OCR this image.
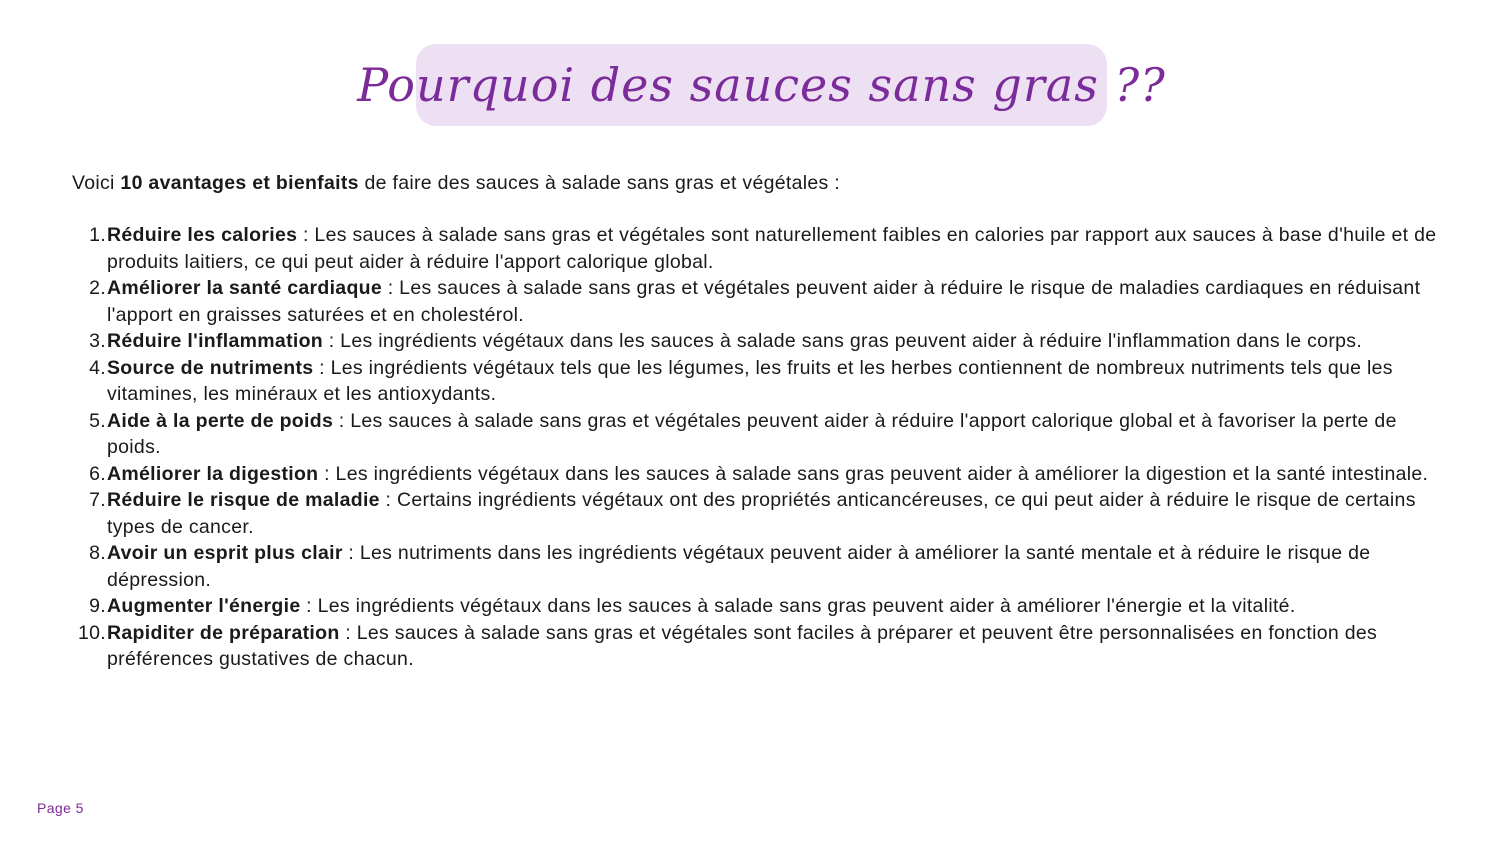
Pourquoi des sauces sans gras ??

Voici 10 avantages et bienfaits de faire des sauces à salade sans gras et végétales :

1. Réduire les calories : Les sauces à salade sans gras et végétales sont naturellement faibles en calories par rapport aux sauces à base d'huile et de produits laitiers, ce qui peut aider à réduire l'apport calorique global.
2. Améliorer la santé cardiaque : Les sauces à salade sans gras et végétales peuvent aider à réduire le risque de maladies cardiaques en réduisant l'apport en graisses saturées et en cholestérol.
3. Réduire l'inflammation : Les ingrédients végétaux dans les sauces à salade sans gras peuvent aider à réduire l'inflammation dans le corps.
4. Source de nutriments : Les ingrédients végétaux tels que les légumes, les fruits et les herbes contiennent de nombreux nutriments tels que les vitamines, les minéraux et les antioxydants.
5. Aide à la perte de poids : Les sauces à salade sans gras et végétales peuvent aider à réduire l'apport calorique global et à favoriser la perte de poids.
6. Améliorer la digestion : Les ingrédients végétaux dans les sauces à salade sans gras peuvent aider à améliorer la digestion et la santé intestinale.
7. Réduire le risque de maladie : Certains ingrédients végétaux ont des propriétés anticancéreuses, ce qui peut aider à réduire le risque de certains types de cancer.
8. Avoir un esprit plus clair : Les nutriments dans les ingrédients végétaux peuvent aider à améliorer la santé mentale et à réduire le risque de dépression.
9. Augmenter l'énergie : Les ingrédients végétaux dans les sauces à salade sans gras peuvent aider à améliorer l'énergie et la vitalité.
10. Rapiditer de préparation : Les sauces à salade sans gras et végétales sont faciles à préparer et peuvent être personnalisées en fonction des préférences gustatives de chacun.
Page 5
